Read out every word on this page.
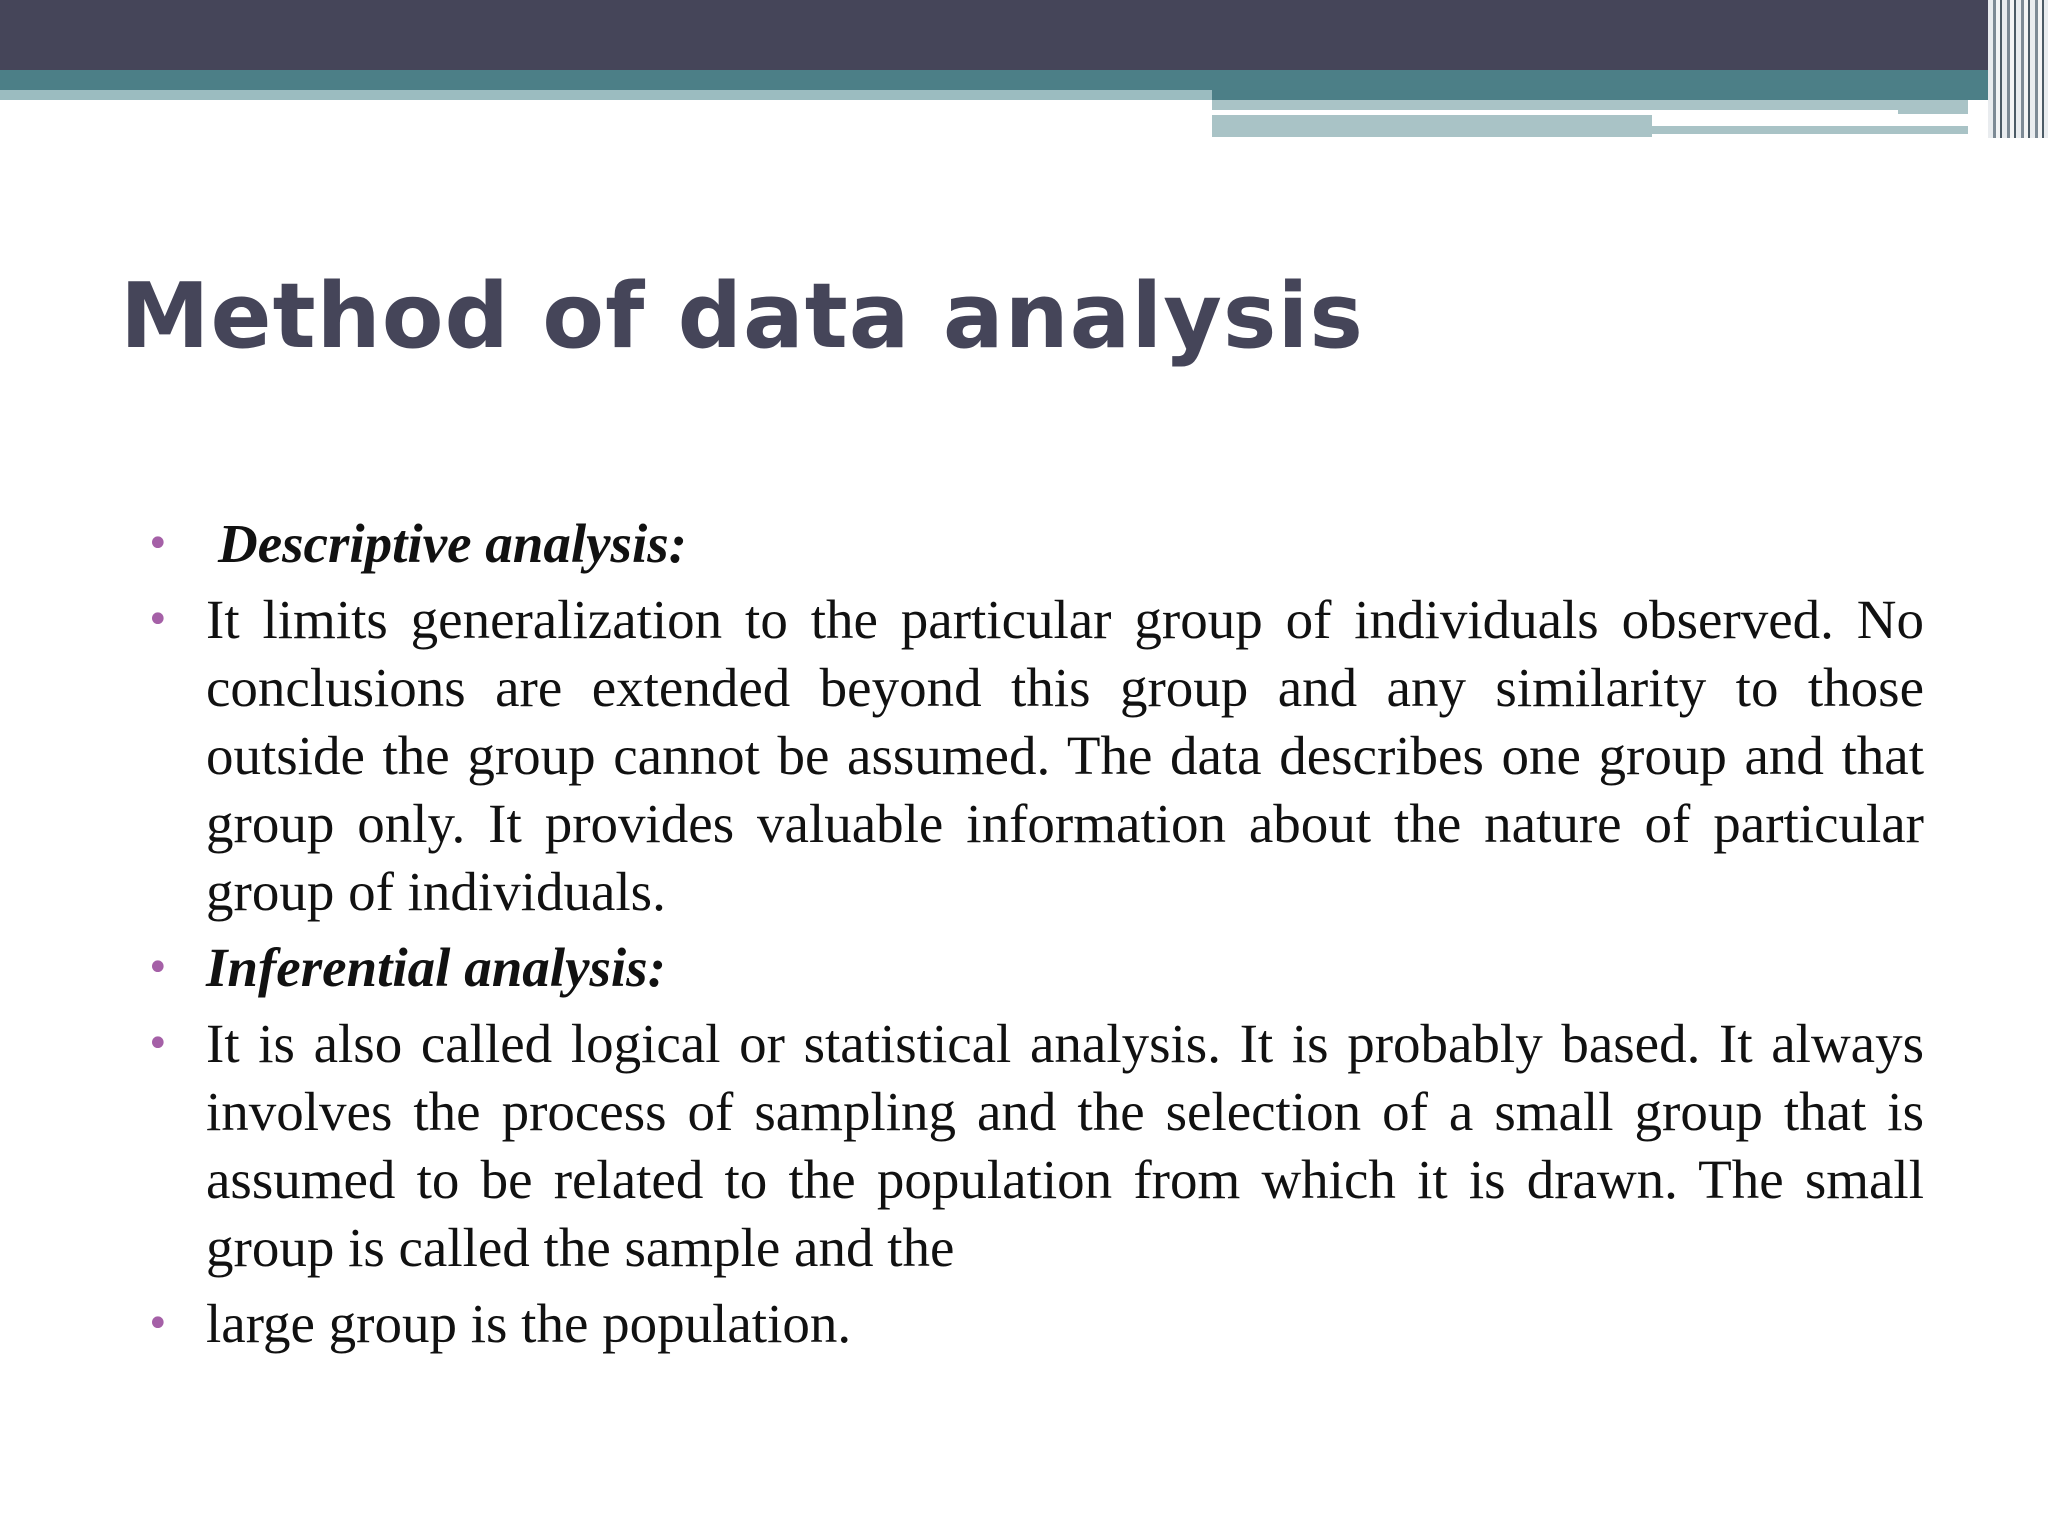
Method of data analysis
• Descriptive analysis:
• It limits generalization to the particular group of individuals observed. No conclusions are extended beyond this group and any similarity to those outside the group cannot be assumed. The data describes one group and that group only. It provides valuable information about the nature of particular group of individuals.
• Inferential analysis:
• It is also called logical or statistical analysis. It is probably based. It always involves the process of sampling and the selection of a small group that is assumed to be related to the population from which it is drawn. The small group is called the sample and the
• large group is the population.
